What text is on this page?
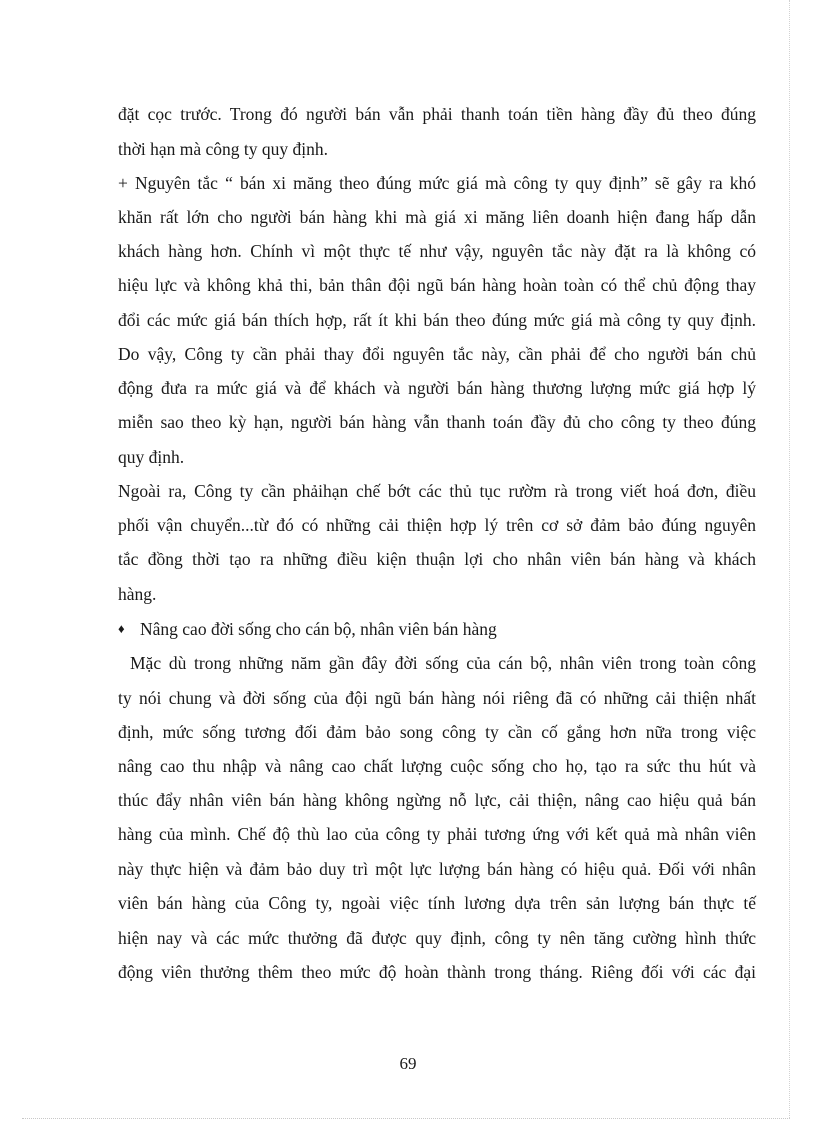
đặt cọc trước. Trong đó người bán vẫn phải thanh toán tiền hàng đầy đủ theo đúng
thời hạn mà công ty quy định.
+ Nguyên tắc “ bán xi măng theo đúng mức giá mà công ty quy định” sẽ gây ra khó
khăn rất lớn cho người bán hàng khi mà giá xi măng liên doanh hiện đang hấp dẫn
khách hàng hơn. Chính vì một thực tế như vậy, nguyên tắc này đặt ra là không có
hiệu lực và không khả thi, bản thân đội ngũ bán hàng hoàn toàn có thể chủ động thay
đổi các mức giá bán thích hợp, rất ít khi bán theo đúng mức giá mà công ty quy định.
Do vậy, Công ty cần phải thay đổi nguyên tắc này, cần phải để cho người bán chủ
động đưa ra mức giá và để khách và người bán hàng thương lượng mức giá hợp lý
miễn sao theo kỳ hạn, người bán hàng vẫn thanh toán đầy đủ cho công ty theo đúng
quy định.
Ngoài ra, Công ty cần phảihạn chế bớt các thủ tục rườm rà trong viết hoá đơn, điều
phối vận chuyển...từ đó có những cải thiện hợp lý trên cơ sở đảm bảo đúng nguyên
tắc đồng thời tạo ra những điều kiện thuận lợi cho nhân viên bán hàng và khách
hàng.
♦ Nâng cao đời sống cho cán bộ, nhân viên bán hàng
Mặc dù trong những năm gần đây đời sống của cán bộ, nhân viên trong toàn công
ty nói chung và đời sống của đội ngũ bán hàng nói riêng đã có những cải thiện nhất
định, mức sống tương đối đảm bảo song công ty cần cố gắng hơn nữa trong việc
nâng cao thu nhập và nâng cao chất lượng cuộc sống cho họ, tạo ra sức thu hút và
thúc đẩy nhân viên bán hàng không ngừng nỗ lực, cải thiện, nâng cao hiệu quả bán
hàng của mình. Chế độ thù lao của công ty phải tương ứng với kết quả mà nhân viên
này thực hiện và đảm bảo duy trì một lực lượng bán hàng có hiệu quả. Đối với nhân
viên bán hàng của Công ty, ngoài việc tính lương dựa trên sản lượng bán thực tế
hiện nay và các mức thưởng đã được quy định, công ty nên tăng cường hình thức
động viên thưởng thêm theo mức độ hoàn thành trong tháng. Riêng đối với các đại
69
